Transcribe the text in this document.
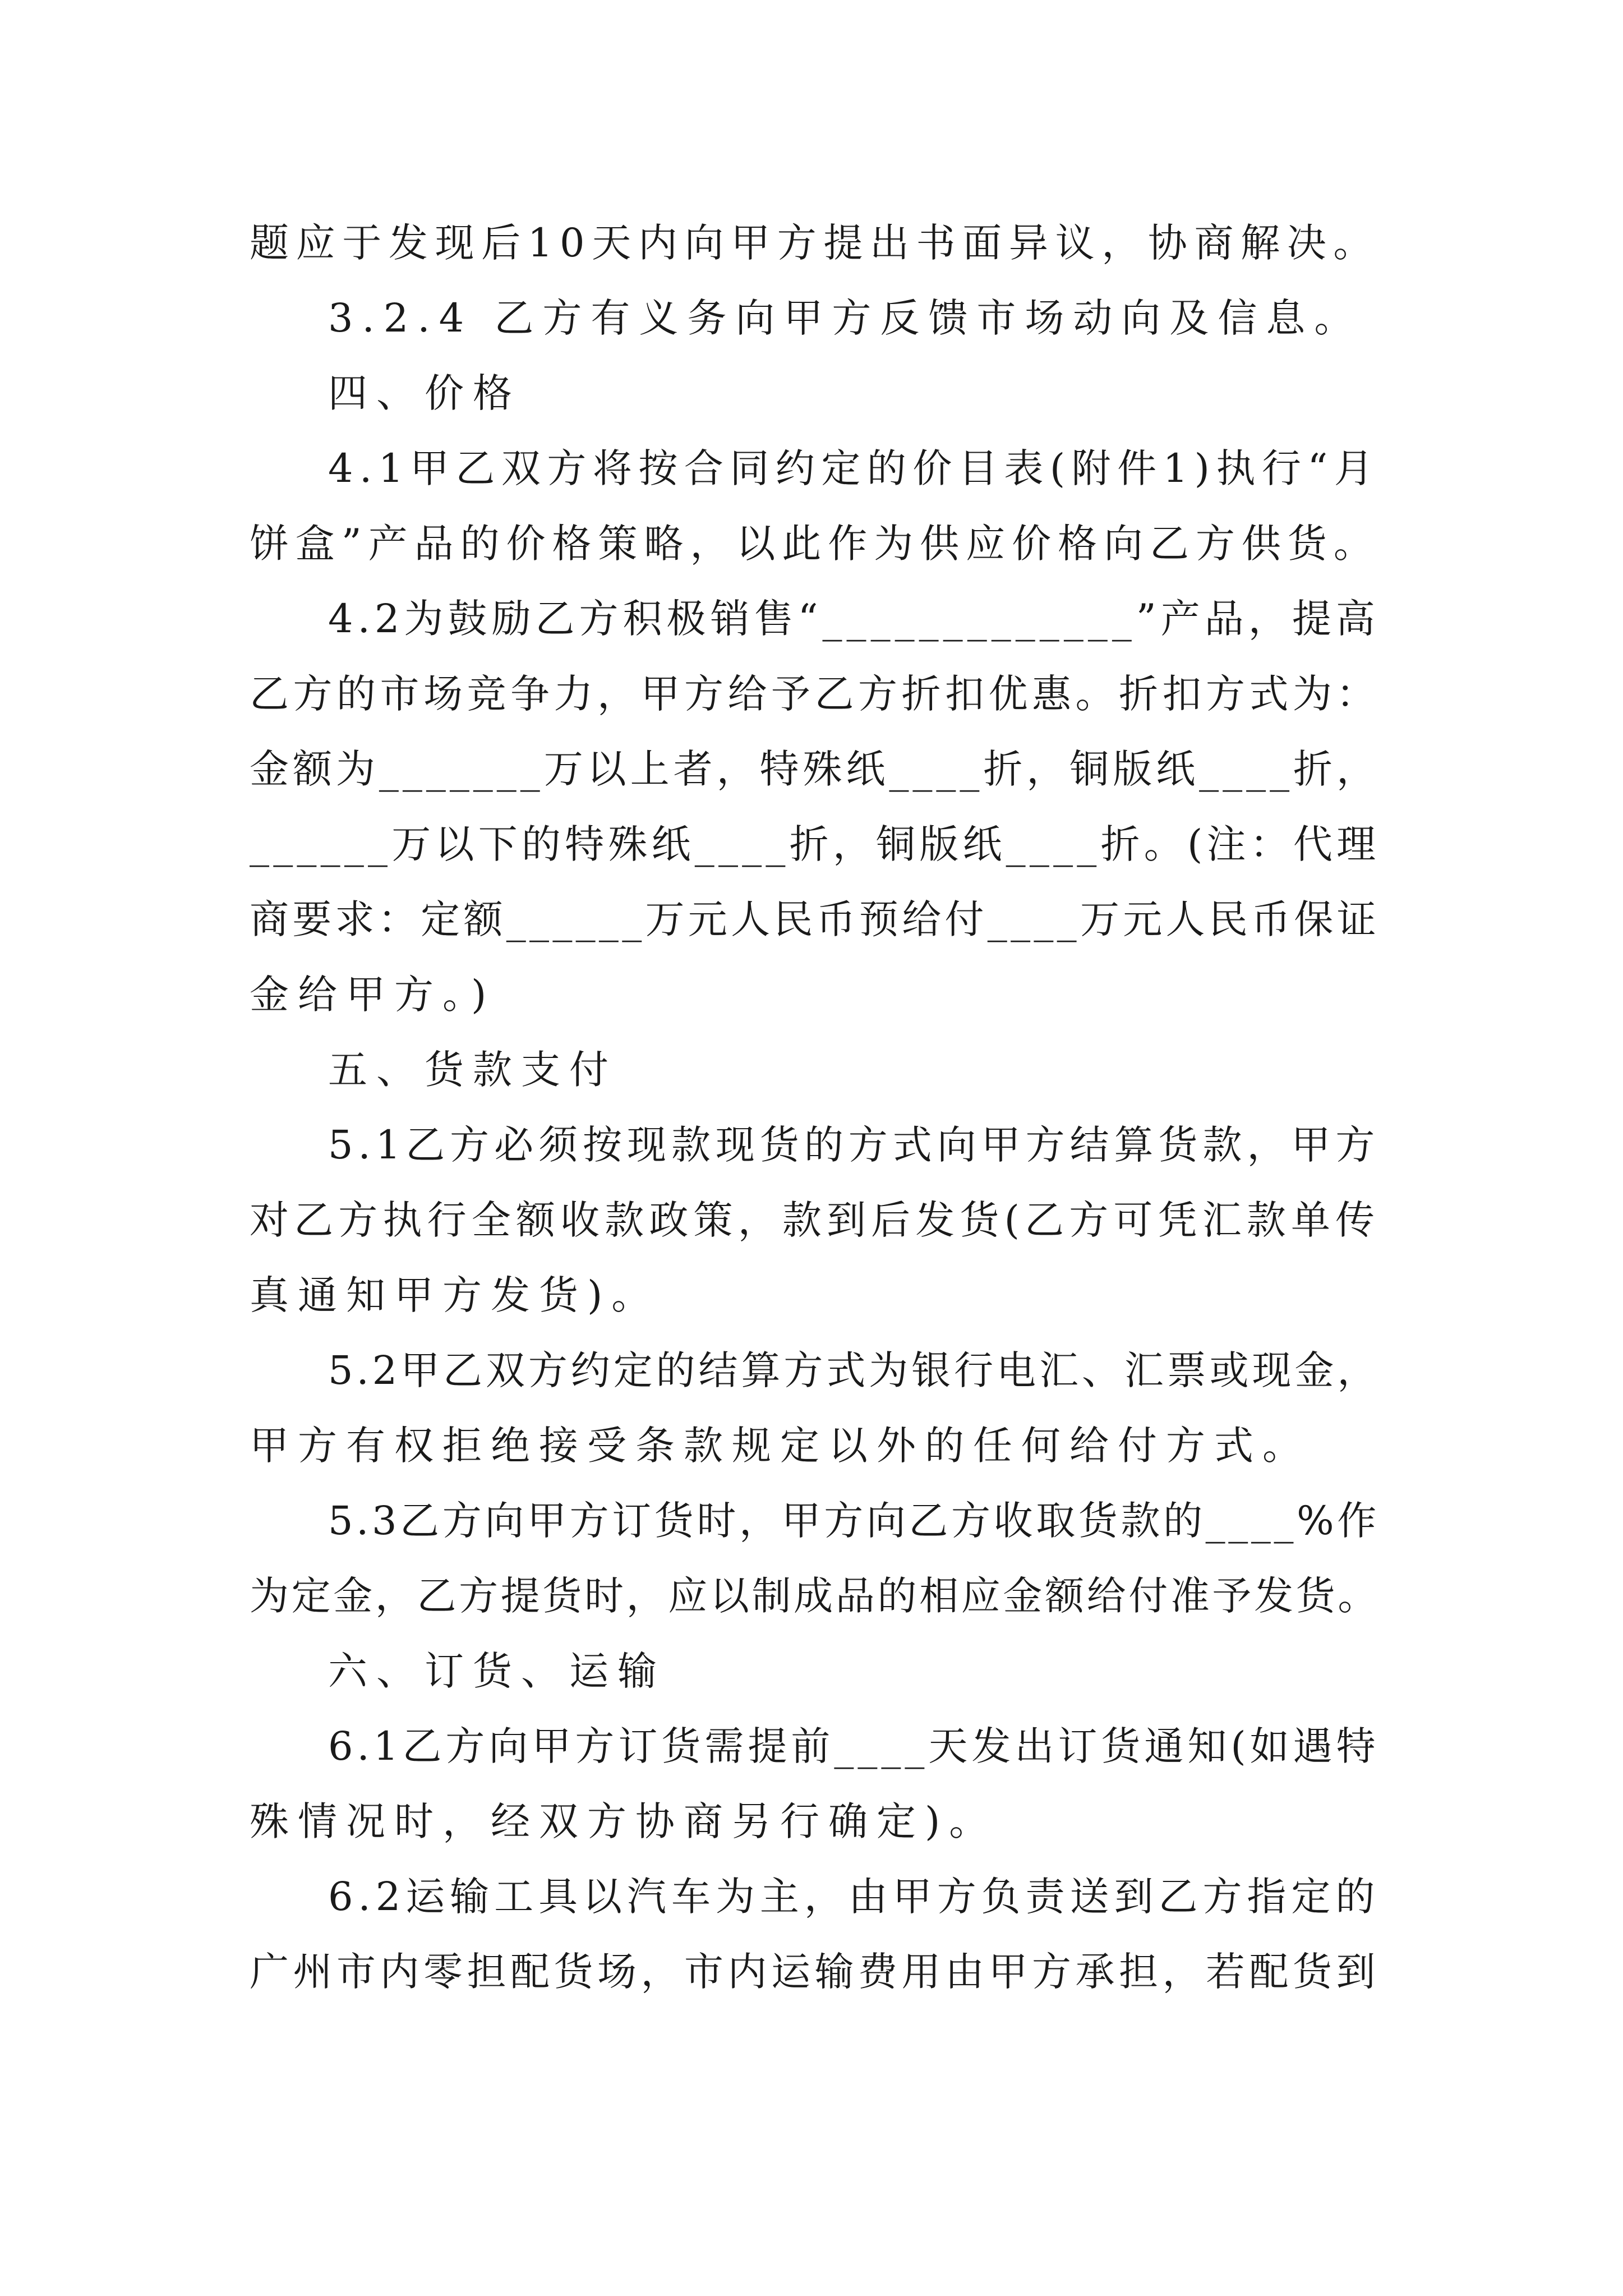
题应于发现后10天内向甲方提出书面异议，协商解决。
3.2.4 乙方有义务向甲方反馈市场动向及信息。
四、价格
4.1甲乙双方将按合同约定的价目表(附件1)执行“月
饼盒”产品的价格策略，以此作为供应价格向乙方供货。
4.2为鼓励乙方积极销售“_____________”产品，提高
乙方的市场竞争力，甲方给予乙方折扣优惠。折扣方式为：
金额为_______万以上者，特殊纸____折，铜版纸____折，
______万以下的特殊纸____折，铜版纸____折。(注：代理
商要求：定额______万元人民币预给付____万元人民币保证
金给甲方。)
五、货款支付
5.1乙方必须按现款现货的方式向甲方结算货款，甲方
对乙方执行全额收款政策，款到后发货(乙方可凭汇款单传
真通知甲方发货)。
5.2甲乙双方约定的结算方式为银行电汇、汇票或现金，
甲方有权拒绝接受条款规定以外的任何给付方式。
5.3乙方向甲方订货时，甲方向乙方收取货款的____%作
为定金，乙方提货时，应以制成品的相应金额给付准予发货。
六、订货、运输
6.1乙方向甲方订货需提前____天发出订货通知(如遇特
殊情况时，经双方协商另行确定)。
6.2运输工具以汽车为主，由甲方负责送到乙方指定的
广州市内零担配货场，市内运输费用由甲方承担，若配货到
